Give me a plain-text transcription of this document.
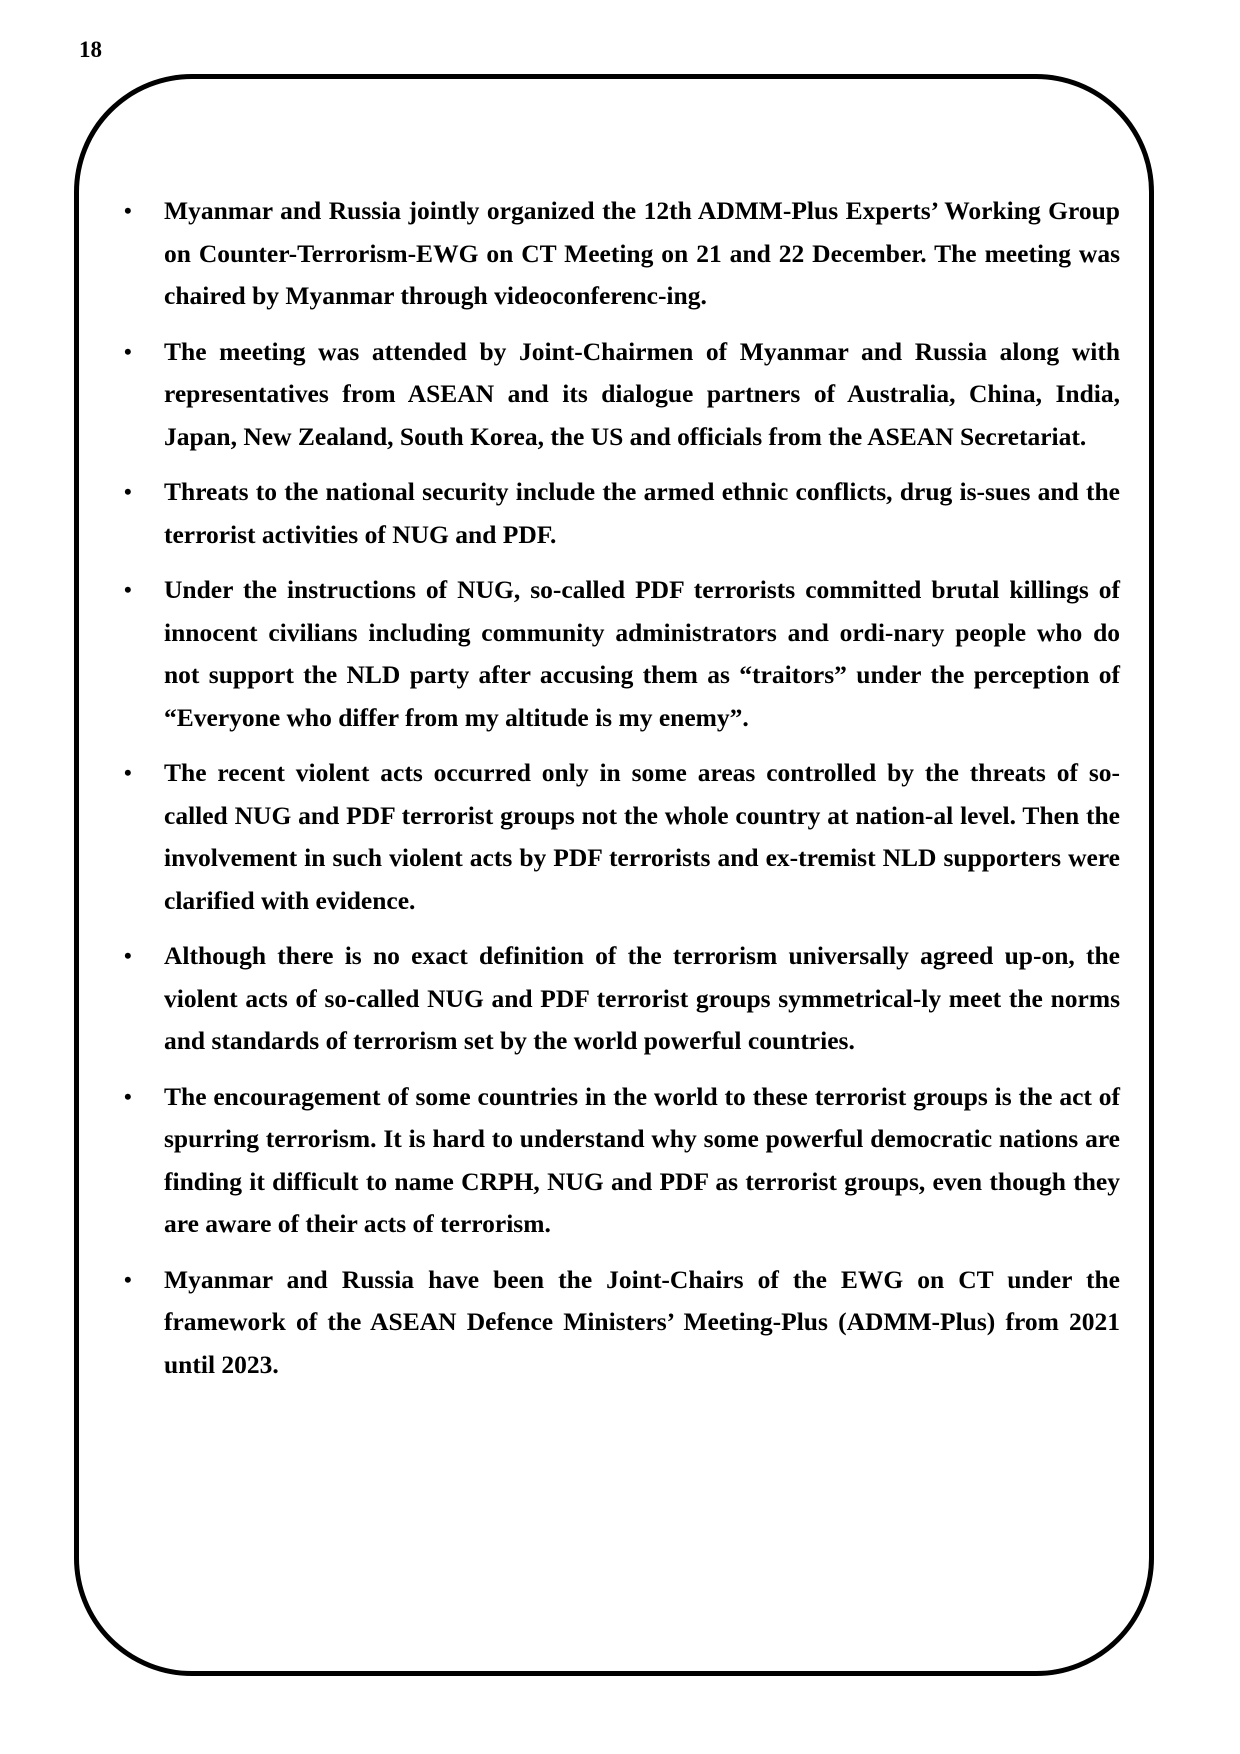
18
• Myanmar and Russia jointly organized the 12th ADMM-Plus Experts’ Working Group on Counter-Terrorism-EWG on CT Meeting on 21 and 22 December. The meeting was chaired by Myanmar through videoconferenc-ing.
• The meeting was attended by Joint-Chairmen of Myanmar and Russia along with representatives from ASEAN and its dialogue partners of Australia, China, India, Japan, New Zealand, South Korea, the US and officials from the ASEAN Secretariat.
• Threats to the national security include the armed ethnic conflicts, drug is-sues and the terrorist activities of NUG and PDF.
• Under the instructions of NUG, so-called PDF terrorists committed brutal killings of innocent civilians including community administrators and ordi-nary people who do not support the NLD party after accusing them as “traitors” under the perception of “Everyone who differ from my altitude is my enemy”.
• The recent violent acts occurred only in some areas controlled by the threats of so-called NUG and PDF terrorist groups not the whole country at nation-al level. Then the involvement in such violent acts by PDF terrorists and ex-tremist NLD supporters were clarified with evidence.
• Although there is no exact definition of the terrorism universally agreed up-on, the violent acts of so-called NUG and PDF terrorist groups symmetrical-ly meet the norms and standards of terrorism set by the world powerful countries.
• The encouragement of some countries in the world to these terrorist groups is the act of spurring terrorism. It is hard to understand why some powerful democratic nations are finding it difficult to name CRPH, NUG and PDF as terrorist groups, even though they are aware of their acts of terrorism.
• Myanmar and Russia have been the Joint-Chairs of the EWG on CT under the framework of the ASEAN Defence Ministers’ Meeting-Plus (ADMM-Plus) from 2021 until 2023.
